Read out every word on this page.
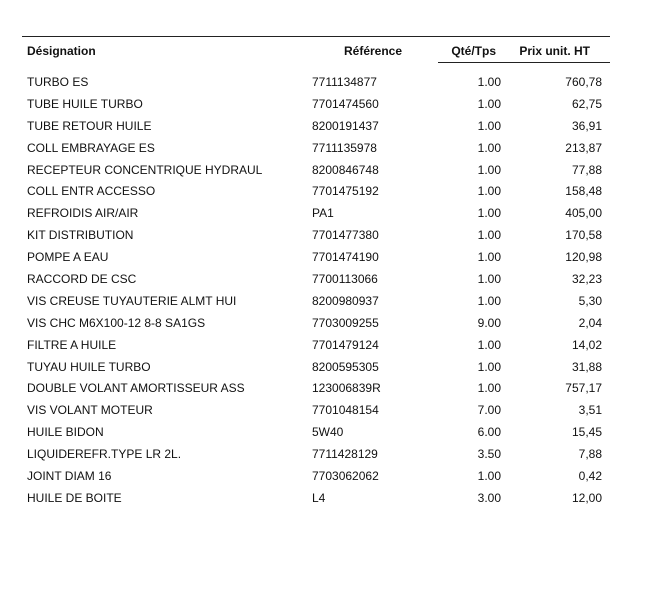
Désignation	Référence	Qté/Tps	Prix unit. HT
TURBO ES	7711134877	1.00	760,78
TUBE HUILE TURBO	7701474560	1.00	62,75
TUBE RETOUR HUILE	8200191437	1.00	36,91
COLL EMBRAYAGE ES	7711135978	1.00	213,87
RECEPTEUR CONCENTRIQUE HYDRAUL	8200846748	1.00	77,88
COLL ENTR ACCESSO	7701475192	1.00	158,48
REFROIDIS AIR/AIR	PA1	1.00	405,00
KIT DISTRIBUTION	7701477380	1.00	170,58
POMPE A EAU	7701474190	1.00	120,98
RACCORD DE CSC	7700113066	1.00	32,23
VIS CREUSE TUYAUTERIE ALMT HUI	8200980937	1.00	5,30
VIS CHC M6X100-12 8-8 SA1GS	7703009255	9.00	2,04
FILTRE A HUILE	7701479124	1.00	14,02
TUYAU HUILE TURBO	8200595305	1.00	31,88
DOUBLE VOLANT AMORTISSEUR ASS	123006839R	1.00	757,17
VIS VOLANT MOTEUR	7701048154	7.00	3,51
HUILE BIDON	5W40	6.00	15,45
LIQUIDEREFR.TYPE LR 2L.	7711428129	3.50	7,88
JOINT DIAM 16	7703062062	1.00	0,42
HUILE DE BOITE	L4	3.00	12,00
